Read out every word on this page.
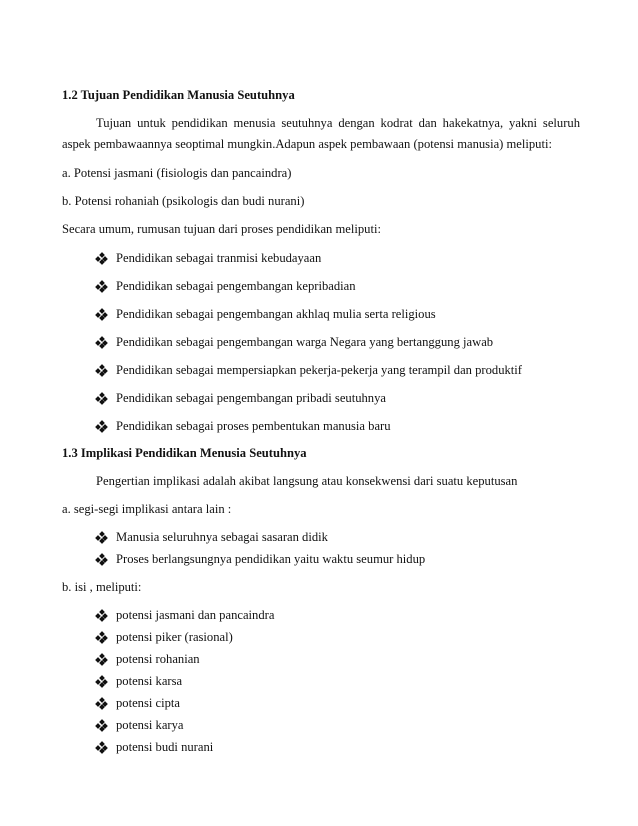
1.2 Tujuan Pendidikan Manusia Seutuhnya
Tujuan untuk pendidikan menusia seutuhnya dengan kodrat dan hakekatnya, yakni seluruh
aspek pembawaannya seoptimal mungkin.Adapun aspek pembawaan (potensi manusia) meliputi:
a. Potensi jasmani (fisiologis dan pancaindra)
b. Potensi rohaniah (psikologis dan budi nurani)
Secara umum, rumusan tujuan dari proses pendidikan meliputi:
Pendidikan sebagai tranmisi kebudayaan
Pendidikan sebagai pengembangan kepribadian
Pendidikan sebagai pengembangan akhlaq mulia serta religious
Pendidikan sebagai pengembangan warga Negara yang bertanggung jawab
Pendidikan sebagai mempersiapkan pekerja-pekerja yang terampil dan produktif
Pendidikan sebagai pengembangan pribadi seutuhnya
Pendidikan sebagai proses pembentukan manusia baru
1.3 Implikasi Pendidikan Menusia Seutuhnya
Pengertian implikasi adalah akibat langsung atau konsekwensi dari suatu keputusan
a. segi-segi implikasi antara lain :
Manusia seluruhnya sebagai sasaran didik
Proses berlangsungnya pendidikan yaitu waktu seumur hidup
b. isi , meliputi:
potensi jasmani dan pancaindra
potensi piker (rasional)
potensi rohanian
potensi karsa
potensi cipta
potensi karya
potensi budi nurani
